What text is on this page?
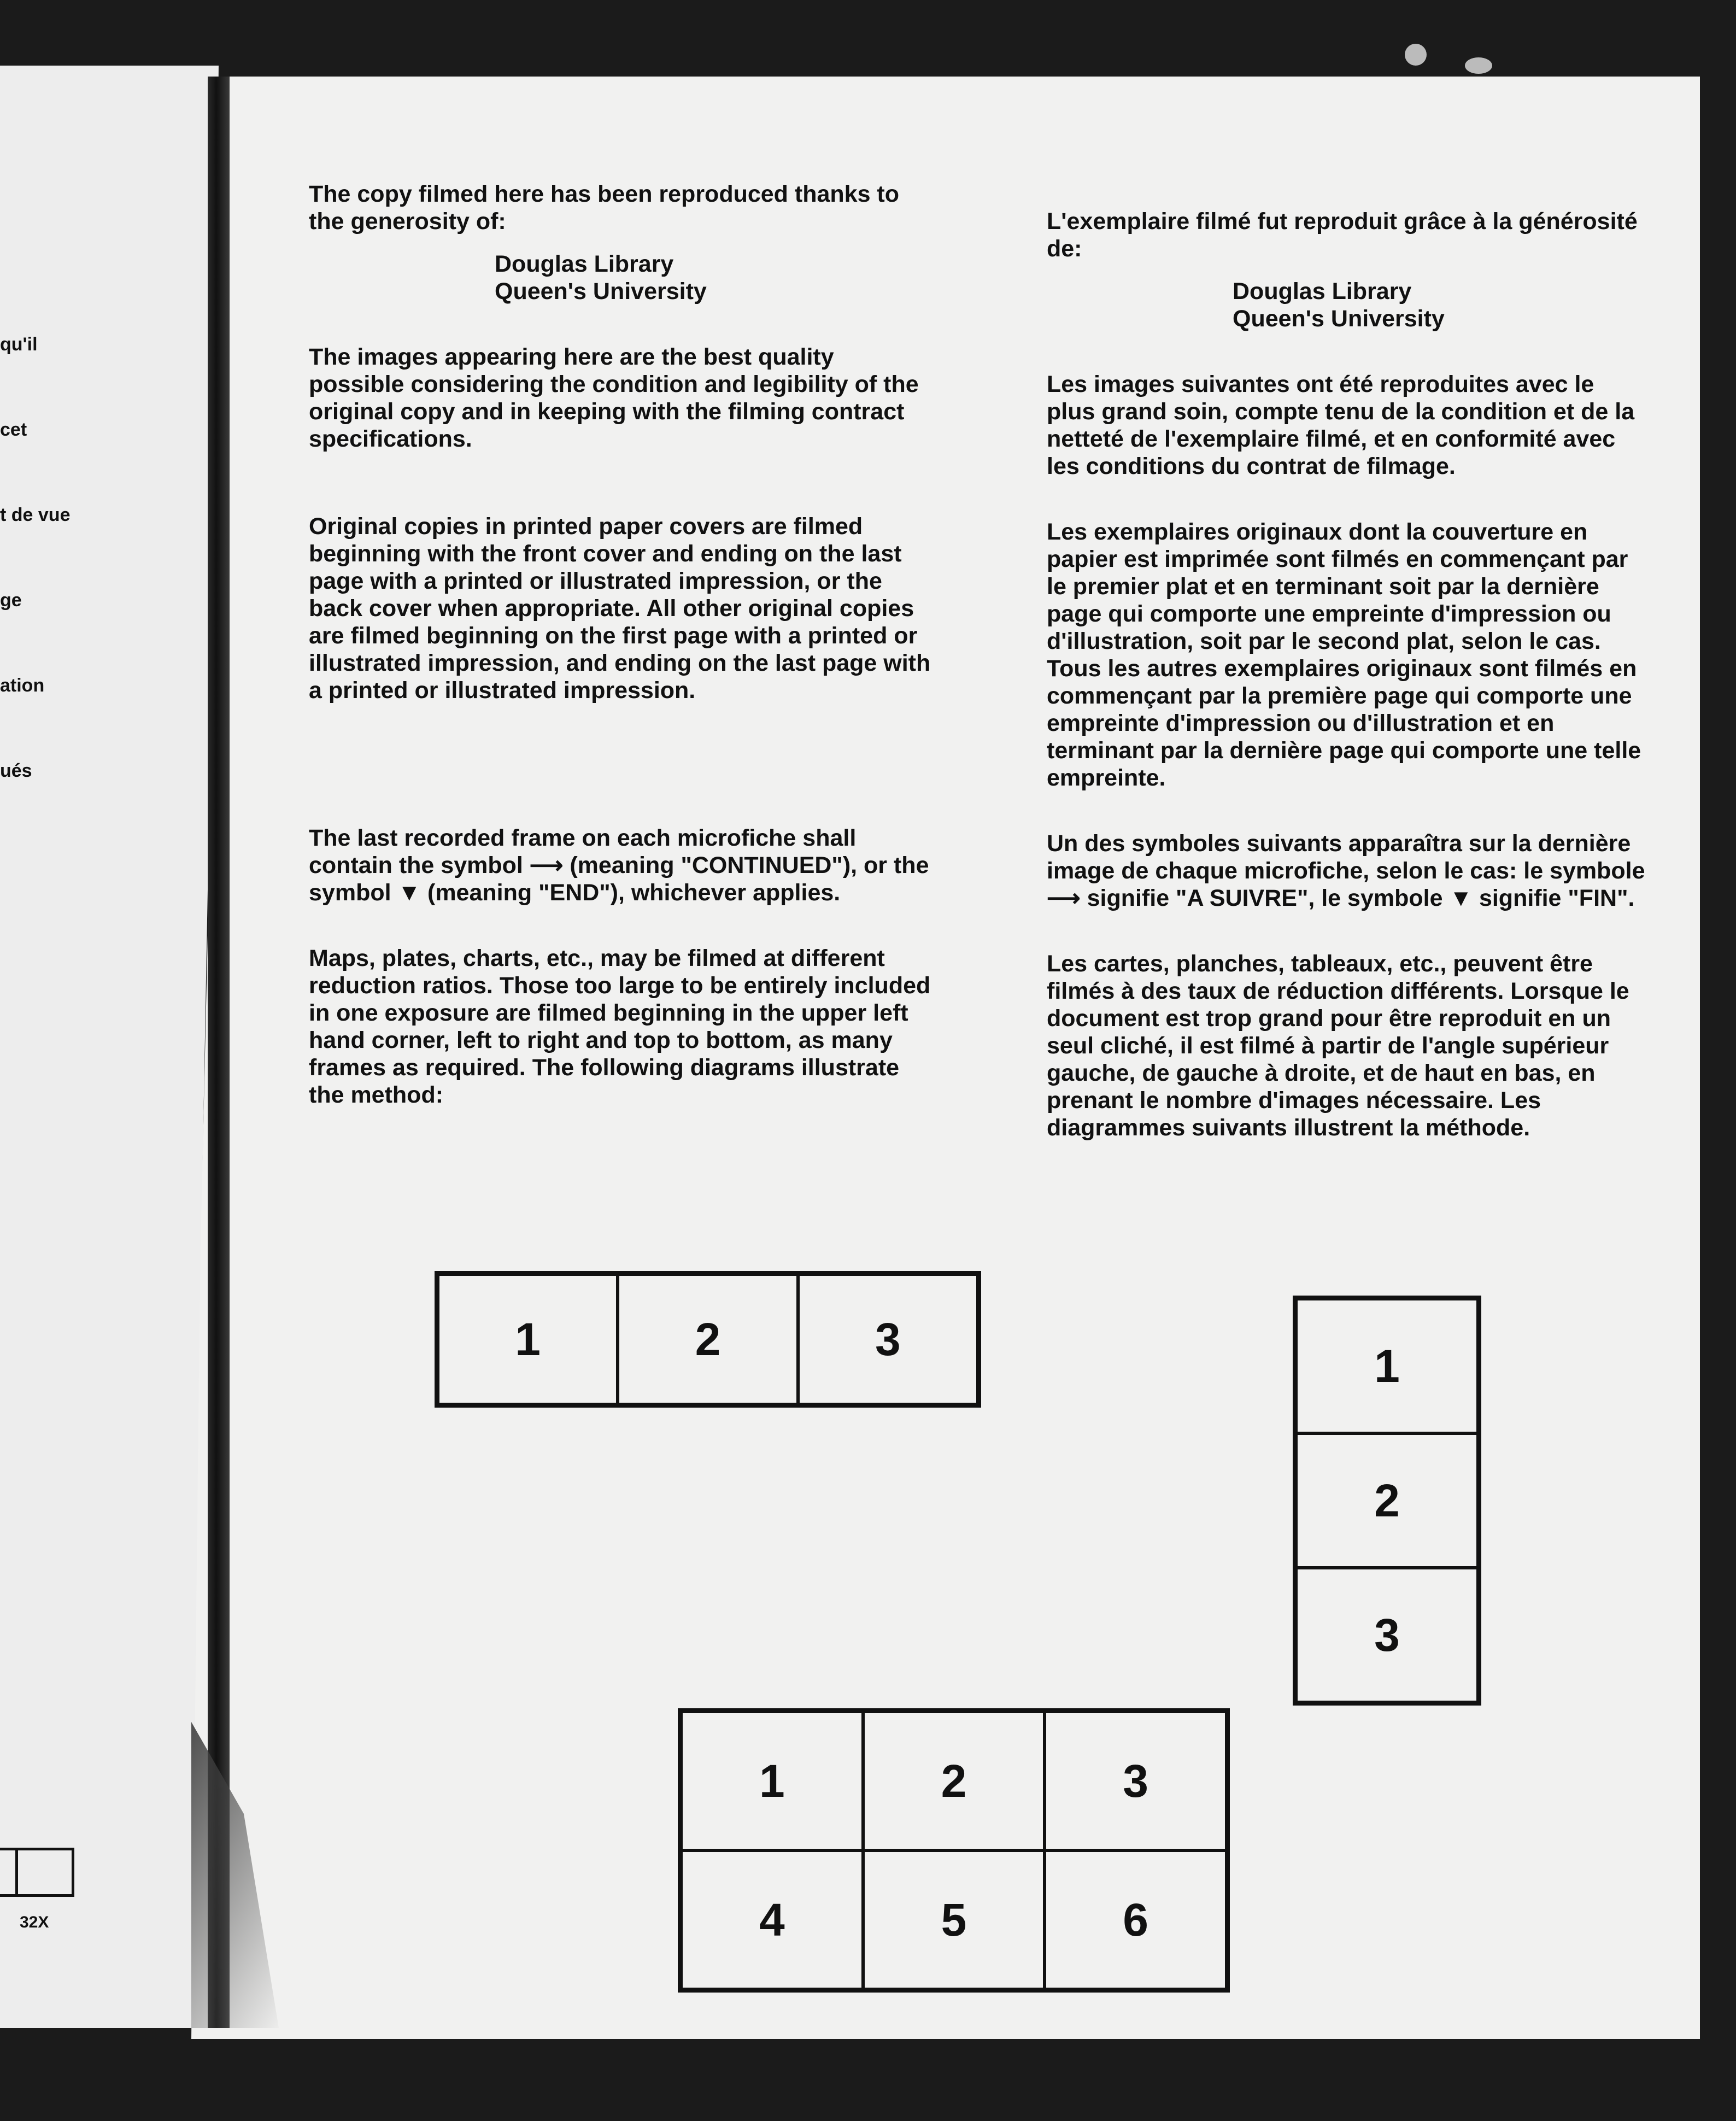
qu'il

cet

t de vue

ge

ation

ués

32X

The copy filmed here has been reproduced thanks to the generosity of:

Douglas Library

Queen's University

The images appearing here are the best quality possible considering the condition and legibility of the original copy and in keeping with the filming contract specifications.

Original copies in printed paper covers are filmed beginning with the front cover and ending on the last page with a printed or illustrated impression, or the back cover when appropriate. All other original copies are filmed beginning on the first page with a printed or illustrated impression, and ending on the last page with a printed or illustrated impression.

The last recorded frame on each microfiche shall contain the symbol ⟶ (meaning "CONTINUED"), or the symbol ▼ (meaning "END"), whichever applies.

Maps, plates, charts, etc., may be filmed at different reduction ratios. Those too large to be entirely included in one exposure are filmed beginning in the upper left hand corner, left to right and top to bottom, as many frames as required. The following diagrams illustrate the method:

L'exemplaire filmé fut reproduit grâce à la générosité de:

Douglas Library

Queen's University

Les images suivantes ont été reproduites avec le plus grand soin, compte tenu de la condition et de la netteté de l'exemplaire filmé, et en conformité avec les conditions du contrat de filmage.

Les exemplaires originaux dont la couverture en papier est imprimée sont filmés en commençant par le premier plat et en terminant soit par la dernière page qui comporte une empreinte d'impression ou d'illustration, soit par le second plat, selon le cas. Tous les autres exemplaires originaux sont filmés en commençant par la première page qui comporte une empreinte d'impression ou d'illustration et en terminant par la dernière page qui comporte une telle empreinte.

Un des symboles suivants apparaîtra sur la dernière image de chaque microfiche, selon le cas: le symbole ⟶ signifie "A SUIVRE", le symbole ▼ signifie "FIN".

Les cartes, planches, tableaux, etc., peuvent être filmés à des taux de réduction différents. Lorsque le document est trop grand pour être reproduit en un seul cliché, il est filmé à partir de l'angle supérieur gauche, de gauche à droite, et de haut en bas, en prenant le nombre d'images nécessaire. Les diagrammes suivants illustrent la méthode.

1	2	3
1
2
3
1	2	3
4	5	6
